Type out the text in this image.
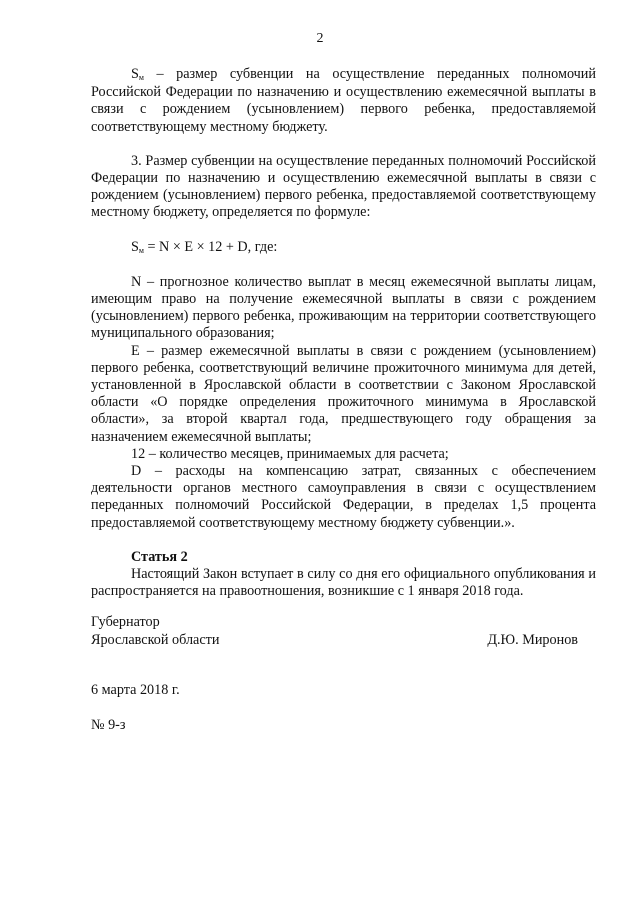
2

$S_м$ – размер субвенции на осуществление переданных полномочий Российской Федерации по назначению и осуществлению ежемесячной выплаты в связи с рождением (усыновлением) первого ребенка, предоставляемой соответствующему местному бюджету.

3. Размер субвенции на осуществление переданных полномочий Российской Федерации по назначению и осуществлению ежемесячной выплаты в связи с рождением (усыновлением) первого ребенка, предоставляемой соответствующему местному бюджету, определяется по формуле:

$S_м = N \times E \times 12 + D$, где:

N – прогнозное количество выплат в месяц ежемесячной выплаты лицам, имеющим право на получение ежемесячной выплаты в связи с рождением (усыновлением) первого ребенка, проживающим на территории соответствующего муниципального образования;

E – размер ежемесячной выплаты в связи с рождением (усыновлением) первого ребенка, соответствующий величине прожиточного минимума для детей, установленной в Ярославской области в соответствии с Законом Ярославской области «О порядке определения прожиточного минимума в Ярославской области», за второй квартал года, предшествующего году обращения за назначением ежемесячной выплаты;

12 – количество месяцев, принимаемых для расчета;

D – расходы на компенсацию затрат, связанных с обеспечением деятельности органов местного самоуправления в связи с осуществлением переданных полномочий Российской Федерации, в пределах 1,5 процента предоставляемой соответствующему местному бюджету субвенции.».

Статья 2

Настоящий Закон вступает в силу со дня его официального опубликования и распространяется на правоотношения, возникшие с 1 января 2018 года.

Губернатор
Ярославской области	Д.Ю. Миронов
6 марта 2018 г.
№ 9-з
